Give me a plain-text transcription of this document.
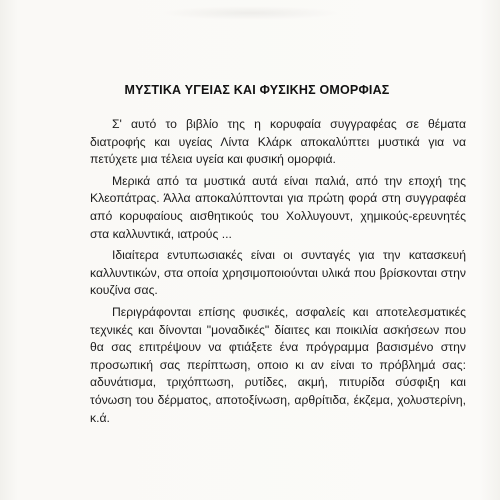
ΜΥΣΤΙΚΑ ΥΓΕΙΑΣ ΚΑΙ ΦΥΣΙΚΗΣ ΟΜΟΡΦΙΑΣ

Σ' αυτό το βιβλίο της η κορυφαία συγγραφέας σε θέματα διατροφής και υγείας Λίντα Κλάρκ αποκαλύπτει μυστικά για να πετύχετε μια τέλεια υγεία και φυσική ομορφιά.

Μερικά από τα μυστικά αυτά είναι παλιά, από την εποχή της Κλεοπάτρας. Άλλα αποκαλύπτονται για πρώτη φορά στη συγγραφέα από κορυφαίους αισθητικούς του Χολλυγουντ, χημικούς-ερευνητές στα καλλυντικά, ιατρούς ...

Ιδιαίτερα εντυπωσιακές είναι οι συνταγές για την κατασκευή καλλυντικών, στα οποία χρησιμοποιούνται υλικά που βρίσκονται στην κουζίνα σας.

Περιγράφονται επίσης φυσικές, ασφαλείς και αποτελεσματικές τεχνικές και δίνονται "μοναδικές" δίαιτες και ποικιλία ασκήσεων που θα σας επιτρέψουν να φτιάξετε ένα πρόγραμμα βασισμένο στην προσωπική σας περίπτωση, οποιο κι αν είναι το πρόβλημά σας: αδυνάτισμα, τριχόπτωση, ρυτίδες, ακμή, πιτυρίδα σύσφιξη και τόνωση του δέρματος, αποτοξίνωση, αρθρίτιδα, έκζεμα, χολυστερίνη, κ.ά.
